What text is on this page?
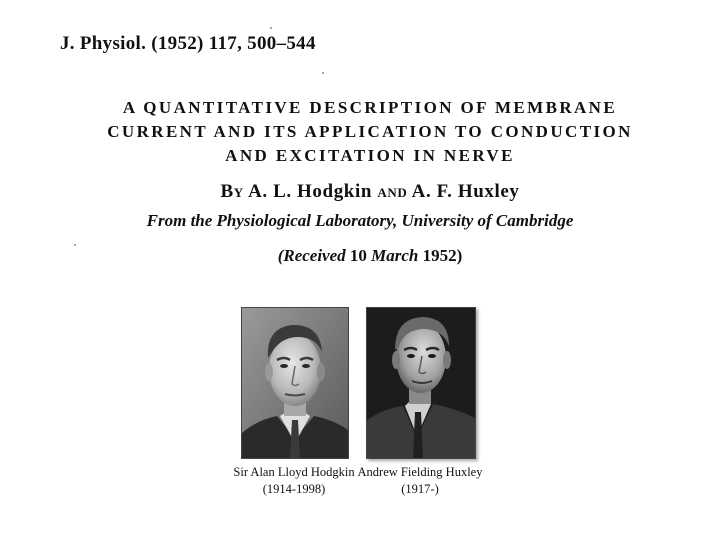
J. Physiol. (1952) 117, 500–544
A QUANTITATIVE DESCRIPTION OF MEMBRANE
CURRENT AND ITS APPLICATION TO CONDUCTION
AND EXCITATION IN NERVE
By A. L. Hodgkin and A. F. Huxley
From the Physiological Laboratory, University of Cambridge
(Received 10 March 1952)
Sir Alan Lloyd Hodgkin
(1914-1998)
Andrew Fielding Huxley
(1917-)
